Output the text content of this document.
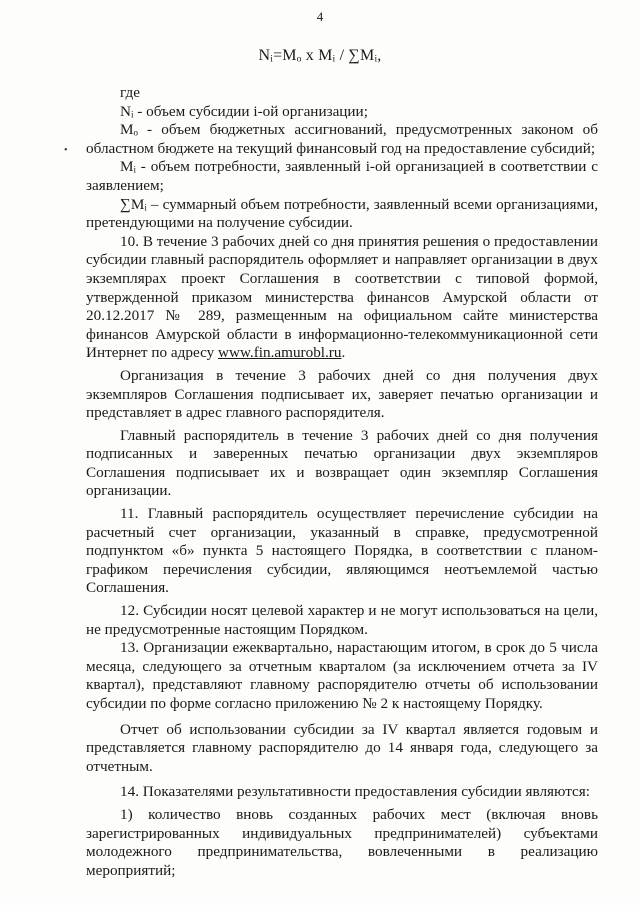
4
Nᵢ=Mₒ x Mᵢ / ∑Mᵢ,
•

где

Nᵢ - объем субсидии i-ой организации;

Mₒ - объем бюджетных ассигнований, предусмотренных законом об областном бюджете на текущий финансовый год на предоставление субсидий;

Mᵢ - объем потребности, заявленный i-ой организацией в соответствии с заявлением;

∑Mᵢ – суммарный объем потребности, заявленный всеми организациями, претендующими на получение субсидии.

10. В течение 3 рабочих дней со дня принятия решения о предоставлении субсидии главный распорядитель оформляет и направляет организации в двух экземплярах проект Соглашения в соответствии с типовой формой, утвержденной приказом министерства финансов Амурской области от 20.12.2017 № 289, размещенным на официальном сайте министерства финансов Амурской области в информационно-телекоммуникационной сети Интернет по адресу www.fin.amurobl.ru.

Организация в течение 3 рабочих дней со дня получения двух экземпляров Соглашения подписывает их, заверяет печатью организации и представляет в адрес главного распорядителя.

Главный распорядитель в течение 3 рабочих дней со дня получения подписанных и заверенных печатью организации двух экземпляров Соглашения подписывает их и возвращает один экземпляр Соглашения организации.

11. Главный распорядитель осуществляет перечисление субсидии на расчетный счет организации, указанный в справке, предусмотренной подпунктом «б» пункта 5 настоящего Порядка, в соответствии с планом-графиком перечисления субсидии, являющимся неотъемлемой частью Соглашения.

12. Субсидии носят целевой характер и не могут использоваться на цели, не предусмотренные настоящим Порядком.

13. Организации ежеквартально, нарастающим итогом, в срок до 5 числа месяца, следующего за отчетным кварталом (за исключением отчета за IV квартал), представляют главному распорядителю отчеты об использовании субсидии по форме согласно приложению № 2 к настоящему Порядку.

Отчет об использовании субсидии за IV квартал является годовым и представляется главному распорядителю до 14 января года, следующего за отчетным.

14. Показателями результативности предоставления субсидии являются:

1) количество вновь созданных рабочих мест (включая вновь зарегистрированных индивидуальных предпринимателей) субъектами молодежного предпринимательства, вовлеченными в реализацию мероприятий;
